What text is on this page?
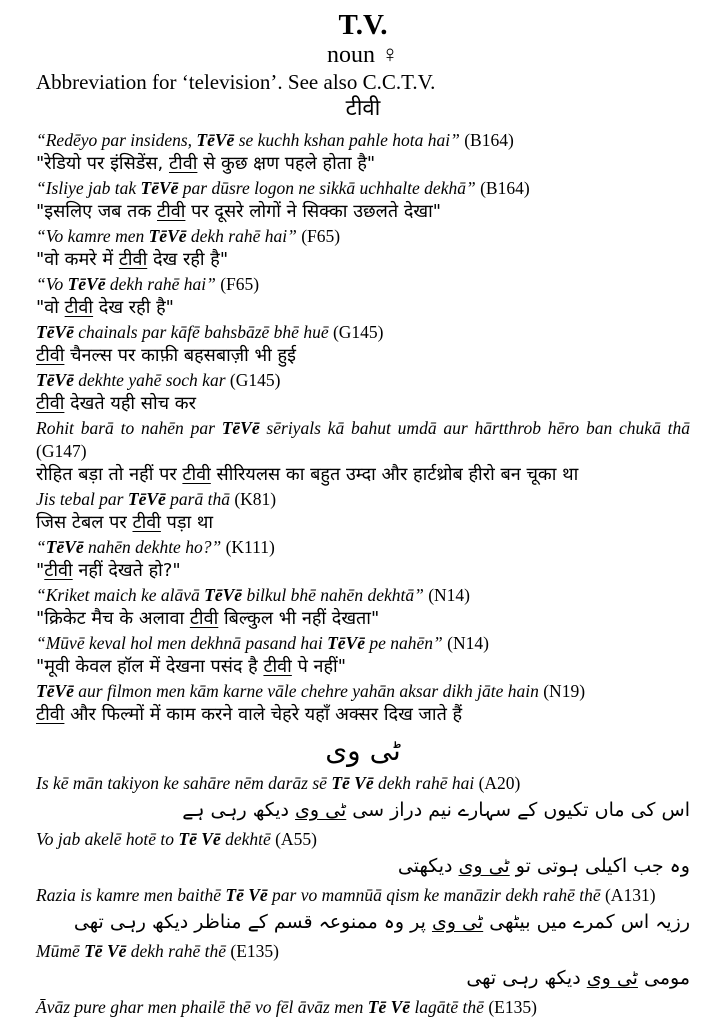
T.V.
noun ♀
Abbreviation for ‘television’. See also C.C.T.V.
टीवी
“Redēyo par insidens, TēVē se kuchh kshan pahle hota hai” (B164)
"रेडियो पर इंसिडेंस, टीवी से कुछ क्षण पहले होता है"
“Isliye jab tak TēVē par dūsre logon ne sikkā uchhalte dekhā” (B164)
"इसलिए जब तक टीवी पर दूसरे लोगों ने सिक्का उछलते देखा"
“Vo kamre men TēVē dekh rahē hai” (F65)
"वो कमरे में टीवी देख रही है"
“Vo TēVē dekh rahē hai” (F65)
"वो टीवी देख रही है"
TēVē chainals par kāfē bahsbāzē bhē huē (G145)
टीवी चैनल्स पर काफ़ी बहसबाज़ी भी हुई
TēVē dekhte yahē soch kar (G145)
टीवी देखते यही सोच कर
Rohit barā to nahēn par TēVē sēriyals kā bahut umdā aur hārtthrob hēro ban chukā thā (G147)
रोहित बड़ा तो नहीं पर टीवी सीरियलस का बहुत उम्दा और हार्टथ्रोब हीरो बन चूका था
Jis tebal par TēVē parā thā (K81)
जिस टेबल पर टीवी पड़ा था
“TēVē nahēn dekhte ho?” (K111)
"टीवी नहीं देखते हो?"
“Kriket maich ke alāvā TēVē bilkul bhē nahēn dekhtā” (N14)
"क्रिकेट मैच के अलावा टीवी बिल्कुल भी नहीं देखता"
“Mūvē keval hol men dekhnā pasand hai TēVē pe nahēn” (N14)
"मूवी केवल हॉल में देखना पसंद है टीवी पे नहीं"
TēVē aur filmon men kām karne vāle chehre yahān aksar dikh jāte hain (N19)
टीवी और फिल्मों में काम करने वाले चेहरे यहाँ अक्सर दिख जाते हैं
ٹی وی
Is kē mān takiyon ke sahāre nēm darāz sē Tē Vē dekh rahē hai (A20)
اس کی ماں تکیوں کے سہارے نیم دراز سی ٹی وی دیکھ رہی ہے
Vo jab akelē hotē to Tē Vē dekhtē (A55)
وہ جب اکیلی ہوتی تو ٹی وی دیکھتی
Razia is kamre men baithē Tē Vē par vo mamnūā qism ke manāzir dekh rahē thē (A131)
رزیہ اس کمرے میں بیٹھی ٹی وی پر وہ ممنوعہ قسم کے مناظر دیکھ رہی تھی
Mūmē Tē Vē dekh rahē thē (E135)
مومی ٹی وی دیکھ رہی تھی
Āvāz pure ghar men phailē thē vo fēl āvāz men Tē Vē lagātē thē (E135)
